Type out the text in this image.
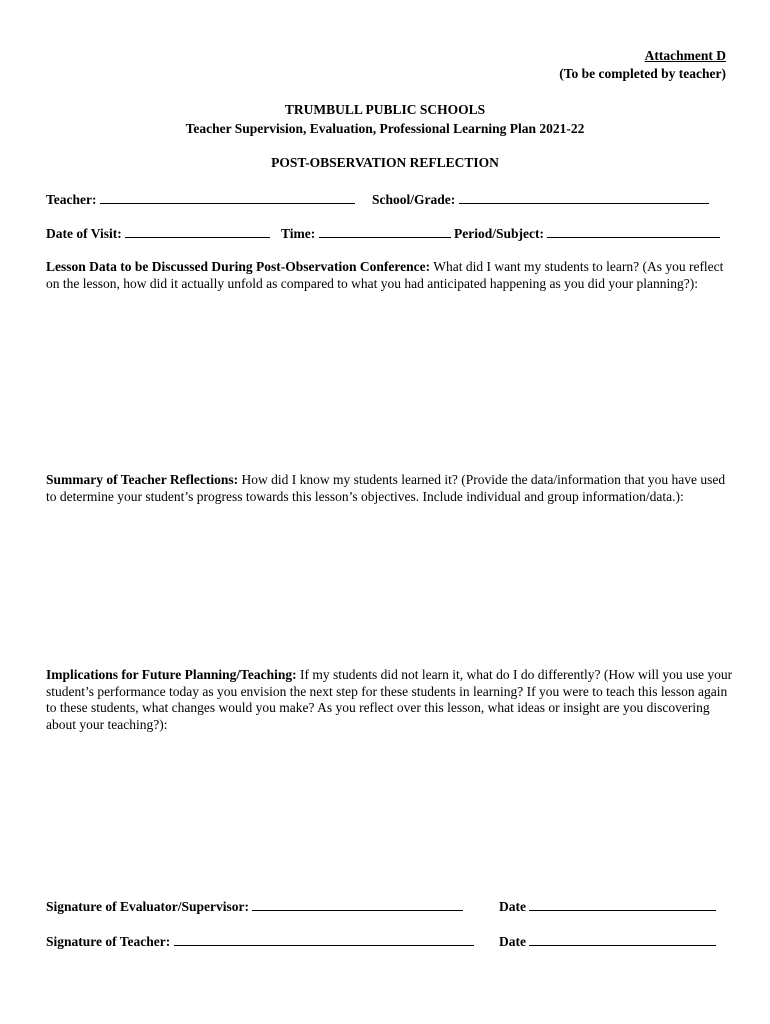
Attachment D
(To be completed by teacher)
TRUMBULL PUBLIC SCHOOLS
Teacher Supervision, Evaluation, Professional Learning Plan 2021-22
POST-OBSERVATION REFLECTION
Teacher:	School/Grade:
Date of Visit:	Time:	Period/Subject:
Lesson Data to be Discussed During Post-Observation Conference: What did I want my students to learn? (As you reflect on the lesson, how did it actually unfold as compared to what you had anticipated happening as you did your planning?):
Summary of Teacher Reflections: How did I know my students learned it? (Provide the data/information that you have used to determine your student’s progress towards this lesson’s objectives. Include individual and group information/data.):
Implications for Future Planning/Teaching: If my students did not learn it, what do I do differently? (How will you use your student’s performance today as you envision the next step for these students in learning? If you were to teach this lesson again to these students, what changes would you make? As you reflect over this lesson, what ideas or insight are you discovering about your teaching?):
Signature of Evaluator/Supervisor:	Date
Signature of Teacher:	Date
